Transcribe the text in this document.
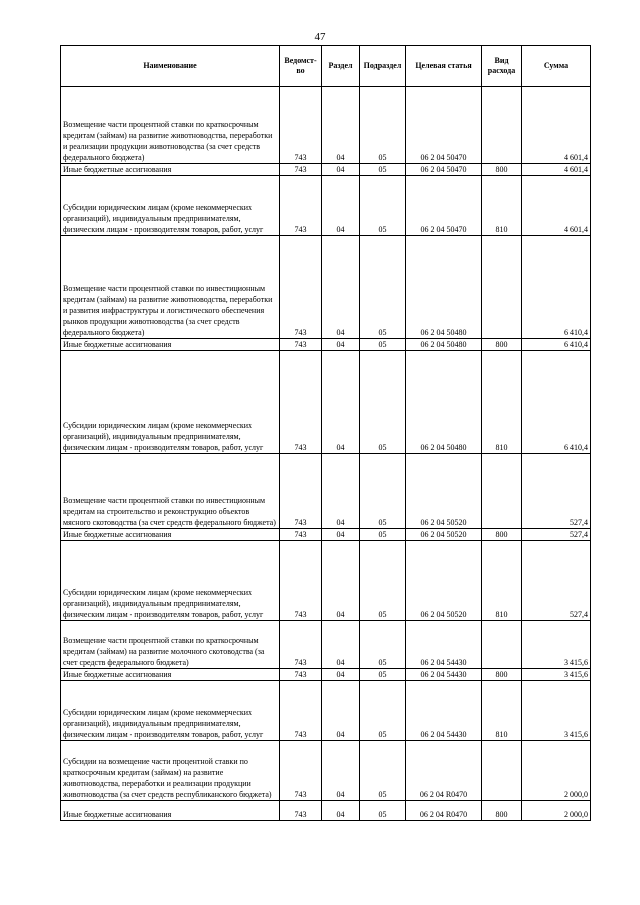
47
Наименование	Ведомст-во	Раздел	Подраздел	Целевая статья	Вид расхода	Сумма
Возмещение части процентной ставки по краткосрочным кредитам (займам) на развитие животноводства, переработки и реализации продукции животноводства (за счет средств федерального бюджета)	743	04	05	06 2 04 50470		4 601,4
Иные бюджетные ассигнования	743	04	05	06 2 04 50470	800	4 601,4
Субсидии юридическим лицам (кроме некоммерческих организаций), индивидуальным предпринимателям, физическим лицам - производителям товаров, работ, услуг	743	04	05	06 2 04 50470	810	4 601,4
Возмещение части процентной ставки по инвестиционным кредитам (займам) на развитие животноводства, переработки и развития инфраструктуры и логистического обеспечения рынков продукции животноводства (за счет средств федерального бюджета)	743	04	05	06 2 04 50480		6 410,4
Иные бюджетные ассигнования	743	04	05	06 2 04 50480	800	6 410,4
Субсидии юридическим лицам (кроме некоммерческих организаций), индивидуальным предпринимателям, физическим лицам - производителям товаров, работ, услуг	743	04	05	06 2 04 50480	810	6 410,4
Возмещение части процентной ставки по инвестиционным кредитам на строительство и реконструкцию объектов мясного скотоводства (за счет средств федерального бюджета)	743	04	05	06 2 04 50520		527,4
Иные бюджетные ассигнования	743	04	05	06 2 04 50520	800	527,4
Субсидии юридическим лицам (кроме некоммерческих организаций), индивидуальным предпринимателям, физическим лицам - производителям товаров, работ, услуг	743	04	05	06 2 04 50520	810	527,4
Возмещение части процентной ставки по краткосрочным кредитам (займам) на развитие молочного скотоводства (за счет средств федерального бюджета)	743	04	05	06 2 04 54430		3 415,6
Иные бюджетные ассигнования	743	04	05	06 2 04 54430	800	3 415,6
Субсидии юридическим лицам (кроме некоммерческих организаций), индивидуальным предпринимателям, физическим лицам - производителям товаров, работ, услуг	743	04	05	06 2 04 54430	810	3 415,6
Субсидии на возмещение части процентной ставки по краткосрочным кредитам (займам) на развитие животноводства, переработки и реализации продукции животноводства (за счет средств республиканского бюджета)	743	04	05	06 2 04 R0470		2 000,0
Иные бюджетные ассигнования	743	04	05	06 2 04 R0470	800	2 000,0
